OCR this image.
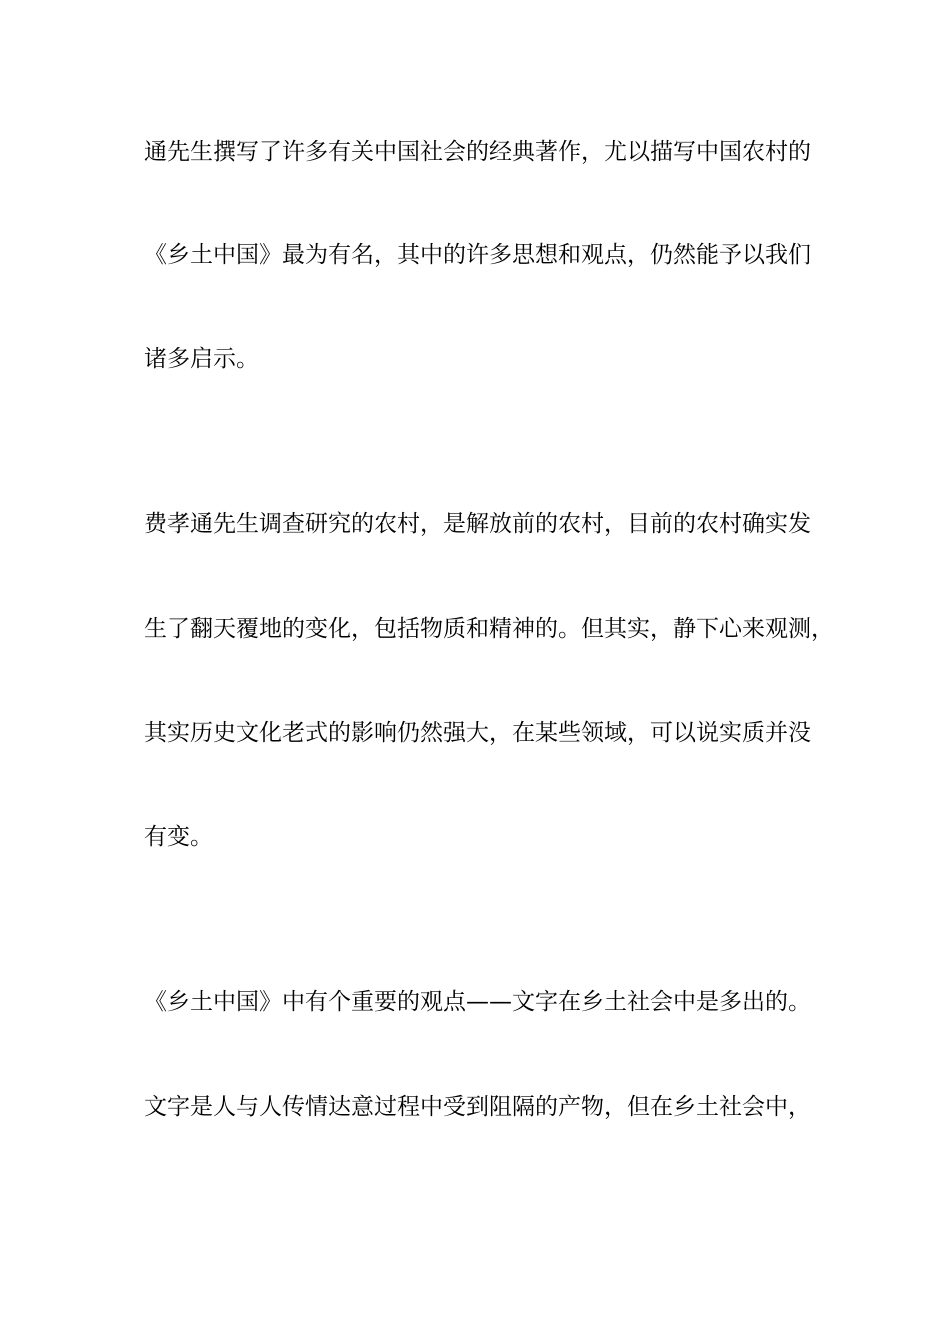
通先生撰写了许多有关中国社会的经典著作，尤以描写中国农村的
《乡土中国》最为有名，其中的许多思想和观点，仍然能予以我们
诸多启示。
费孝通先生调查研究的农村，是解放前的农村，目前的农村确实发
生了翻天覆地的变化，包括物质和精神的。但其实，静下心来观测，
其实历史文化老式的影响仍然强大，在某些领域，可以说实质并没
有变。
《乡土中国》中有个重要的观点——文字在乡土社会中是多出的。
文字是人与人传情达意过程中受到阻隔的产物，但在乡土社会中，
